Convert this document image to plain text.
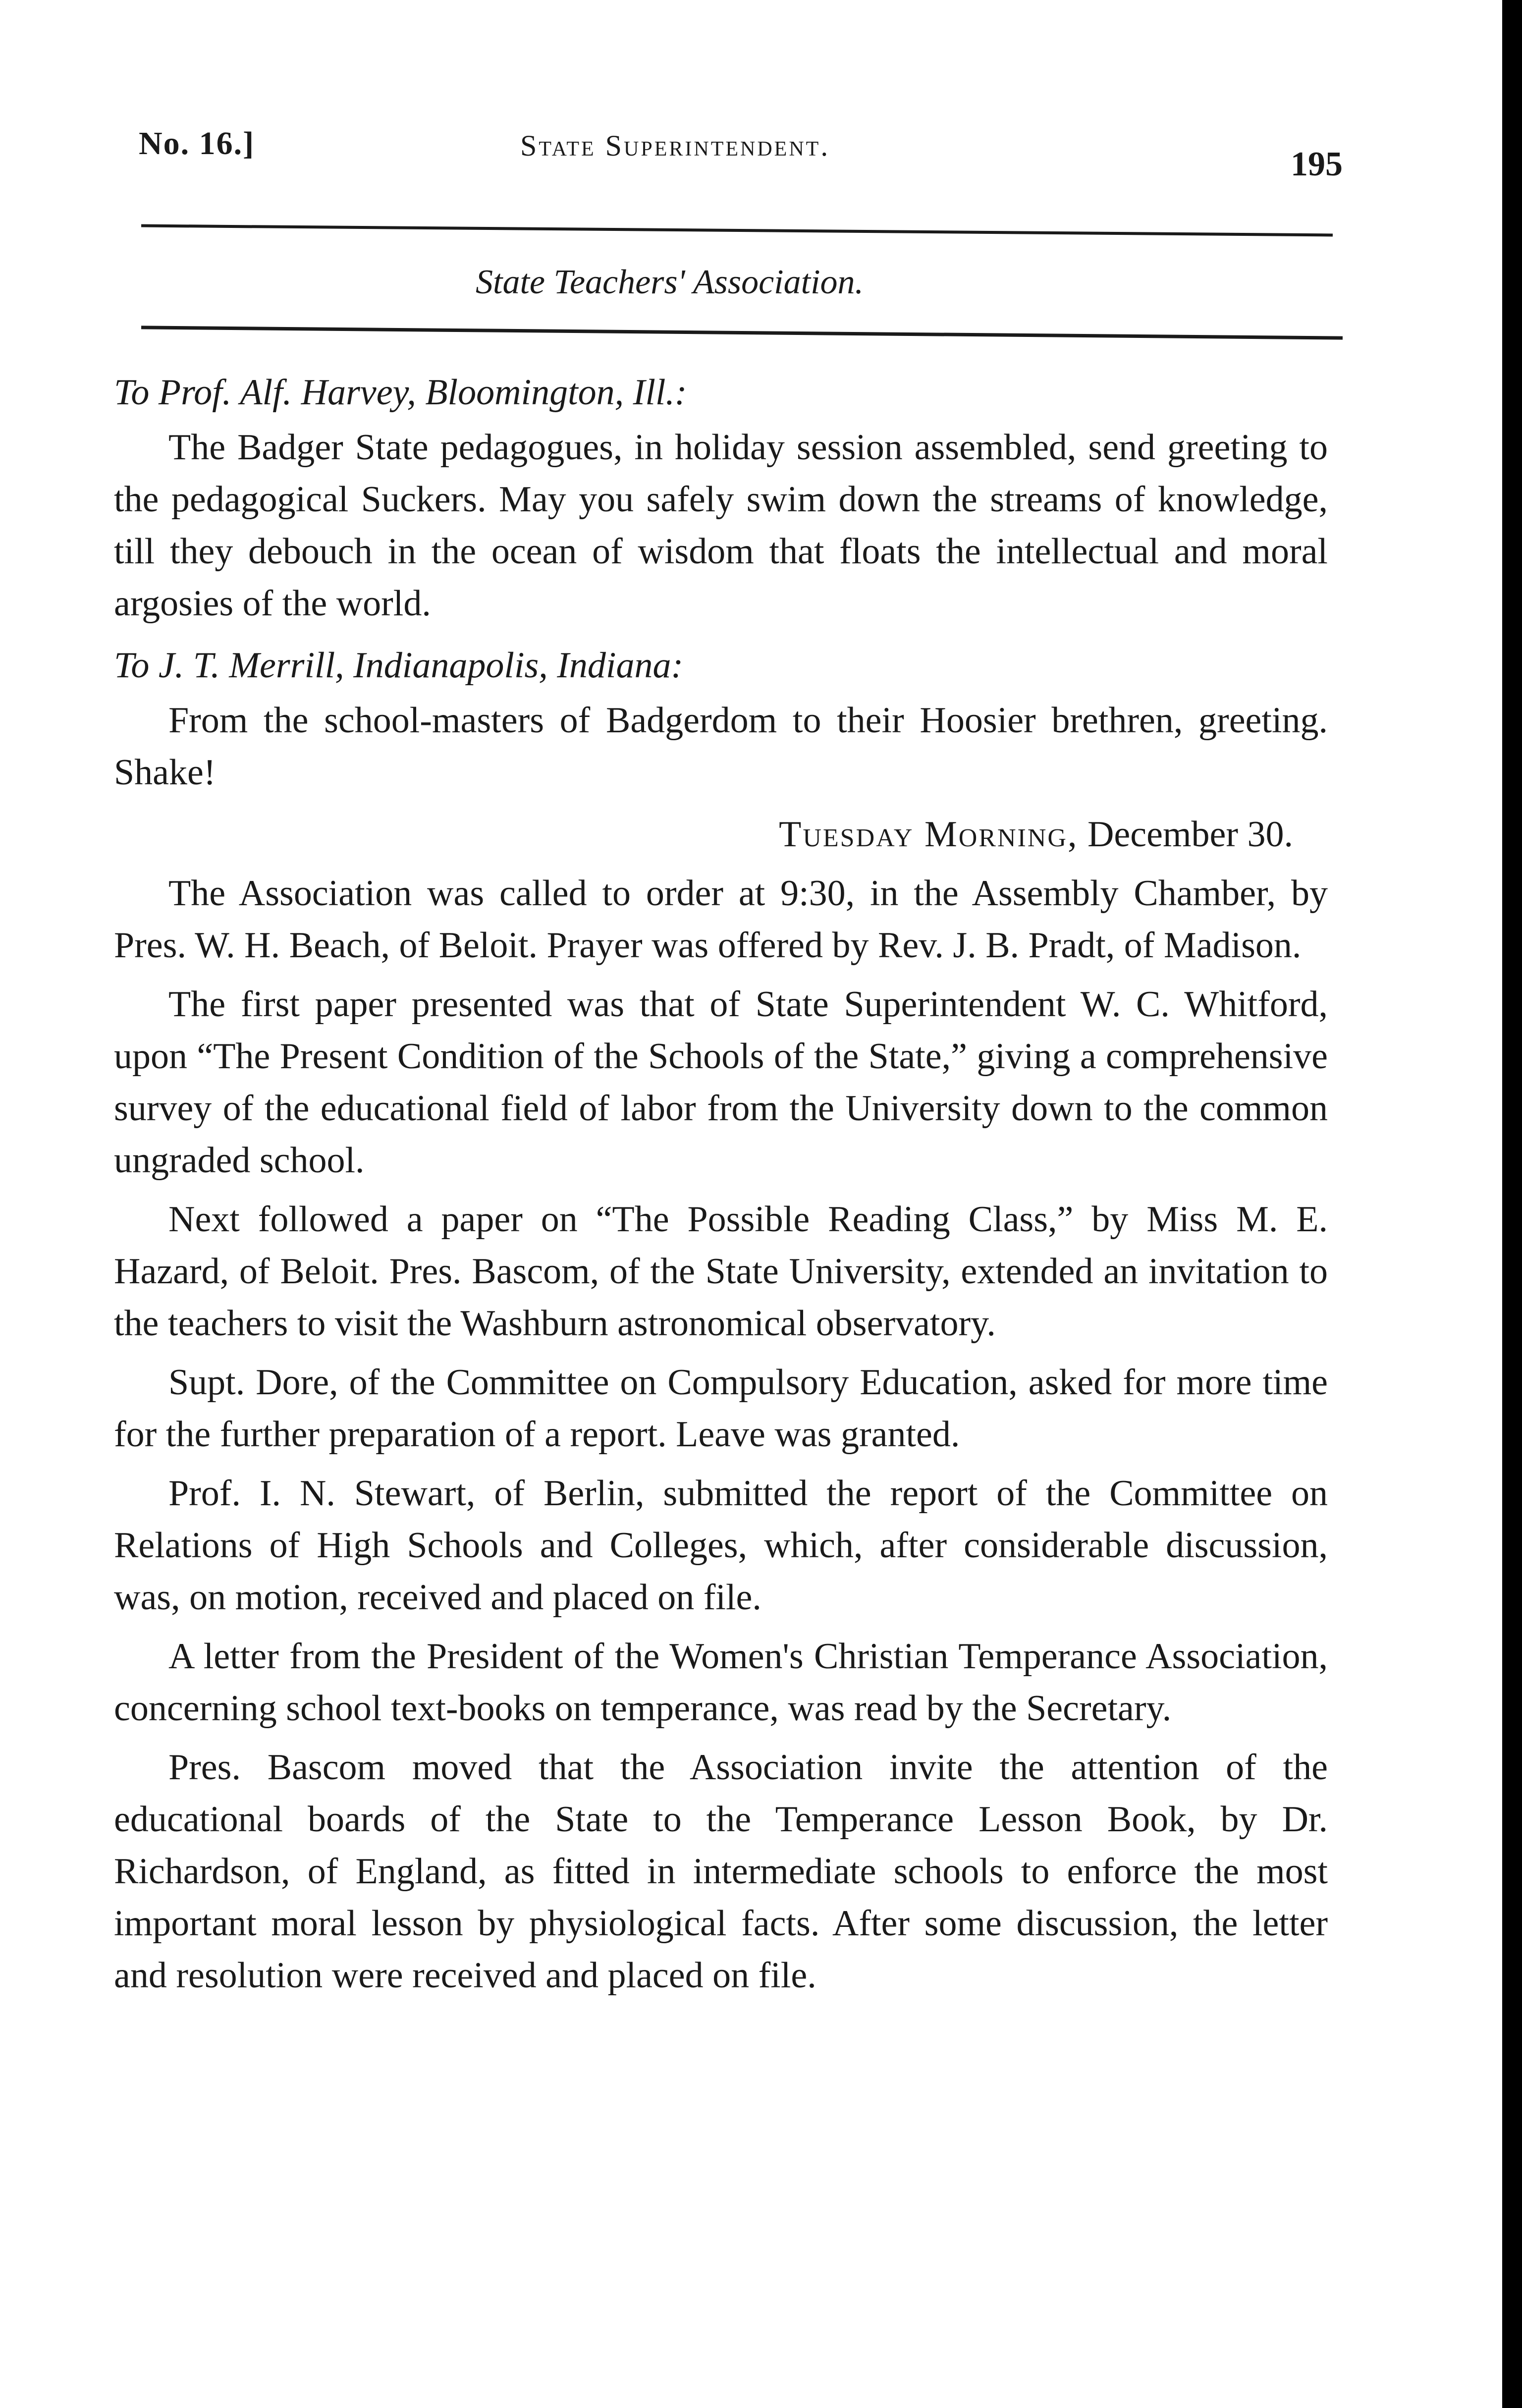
No. 16.]	State Superintendent.	195
State Teachers' Association.

To Prof. Alf. Harvey, Bloomington, Ill.:

The Badger State pedagogues, in holiday session assembled, send greeting to the pedagogical Suckers. May you safely swim down the streams of knowledge, till they debouch in the ocean of wisdom that floats the intellectual and moral argosies of the world.

To J. T. Merrill, Indianapolis, Indiana:

From the school-masters of Badgerdom to their Hoosier brethren, greeting. Shake!

Tuesday Morning, December 30.

The Association was called to order at 9:30, in the Assembly Chamber, by Pres. W. H. Beach, of Beloit. Prayer was offered by Rev. J. B. Pradt, of Madison.

The first paper presented was that of State Superintendent W. C. Whitford, upon “The Present Condition of the Schools of the State,” giving a comprehensive survey of the educational field of labor from the University down to the common ungraded school.

Next followed a paper on “The Possible Reading Class,” by Miss M. E. Hazard, of Beloit. Pres. Bascom, of the State University, extended an invitation to the teachers to visit the Washburn astronomical observatory.

Supt. Dore, of the Committee on Compulsory Education, asked for more time for the further preparation of a report. Leave was granted.

Prof. I. N. Stewart, of Berlin, submitted the report of the Committee on Relations of High Schools and Colleges, which, after considerable discussion, was, on motion, received and placed on file.

A letter from the President of the Women's Christian Temperance Association, concerning school text-books on temperance, was read by the Secretary.

Pres. Bascom moved that the Association invite the attention of the educational boards of the State to the Temperance Lesson Book, by Dr. Richardson, of England, as fitted in intermediate schools to enforce the most important moral lesson by physiological facts. After some discussion, the letter and resolution were received and placed on file.
